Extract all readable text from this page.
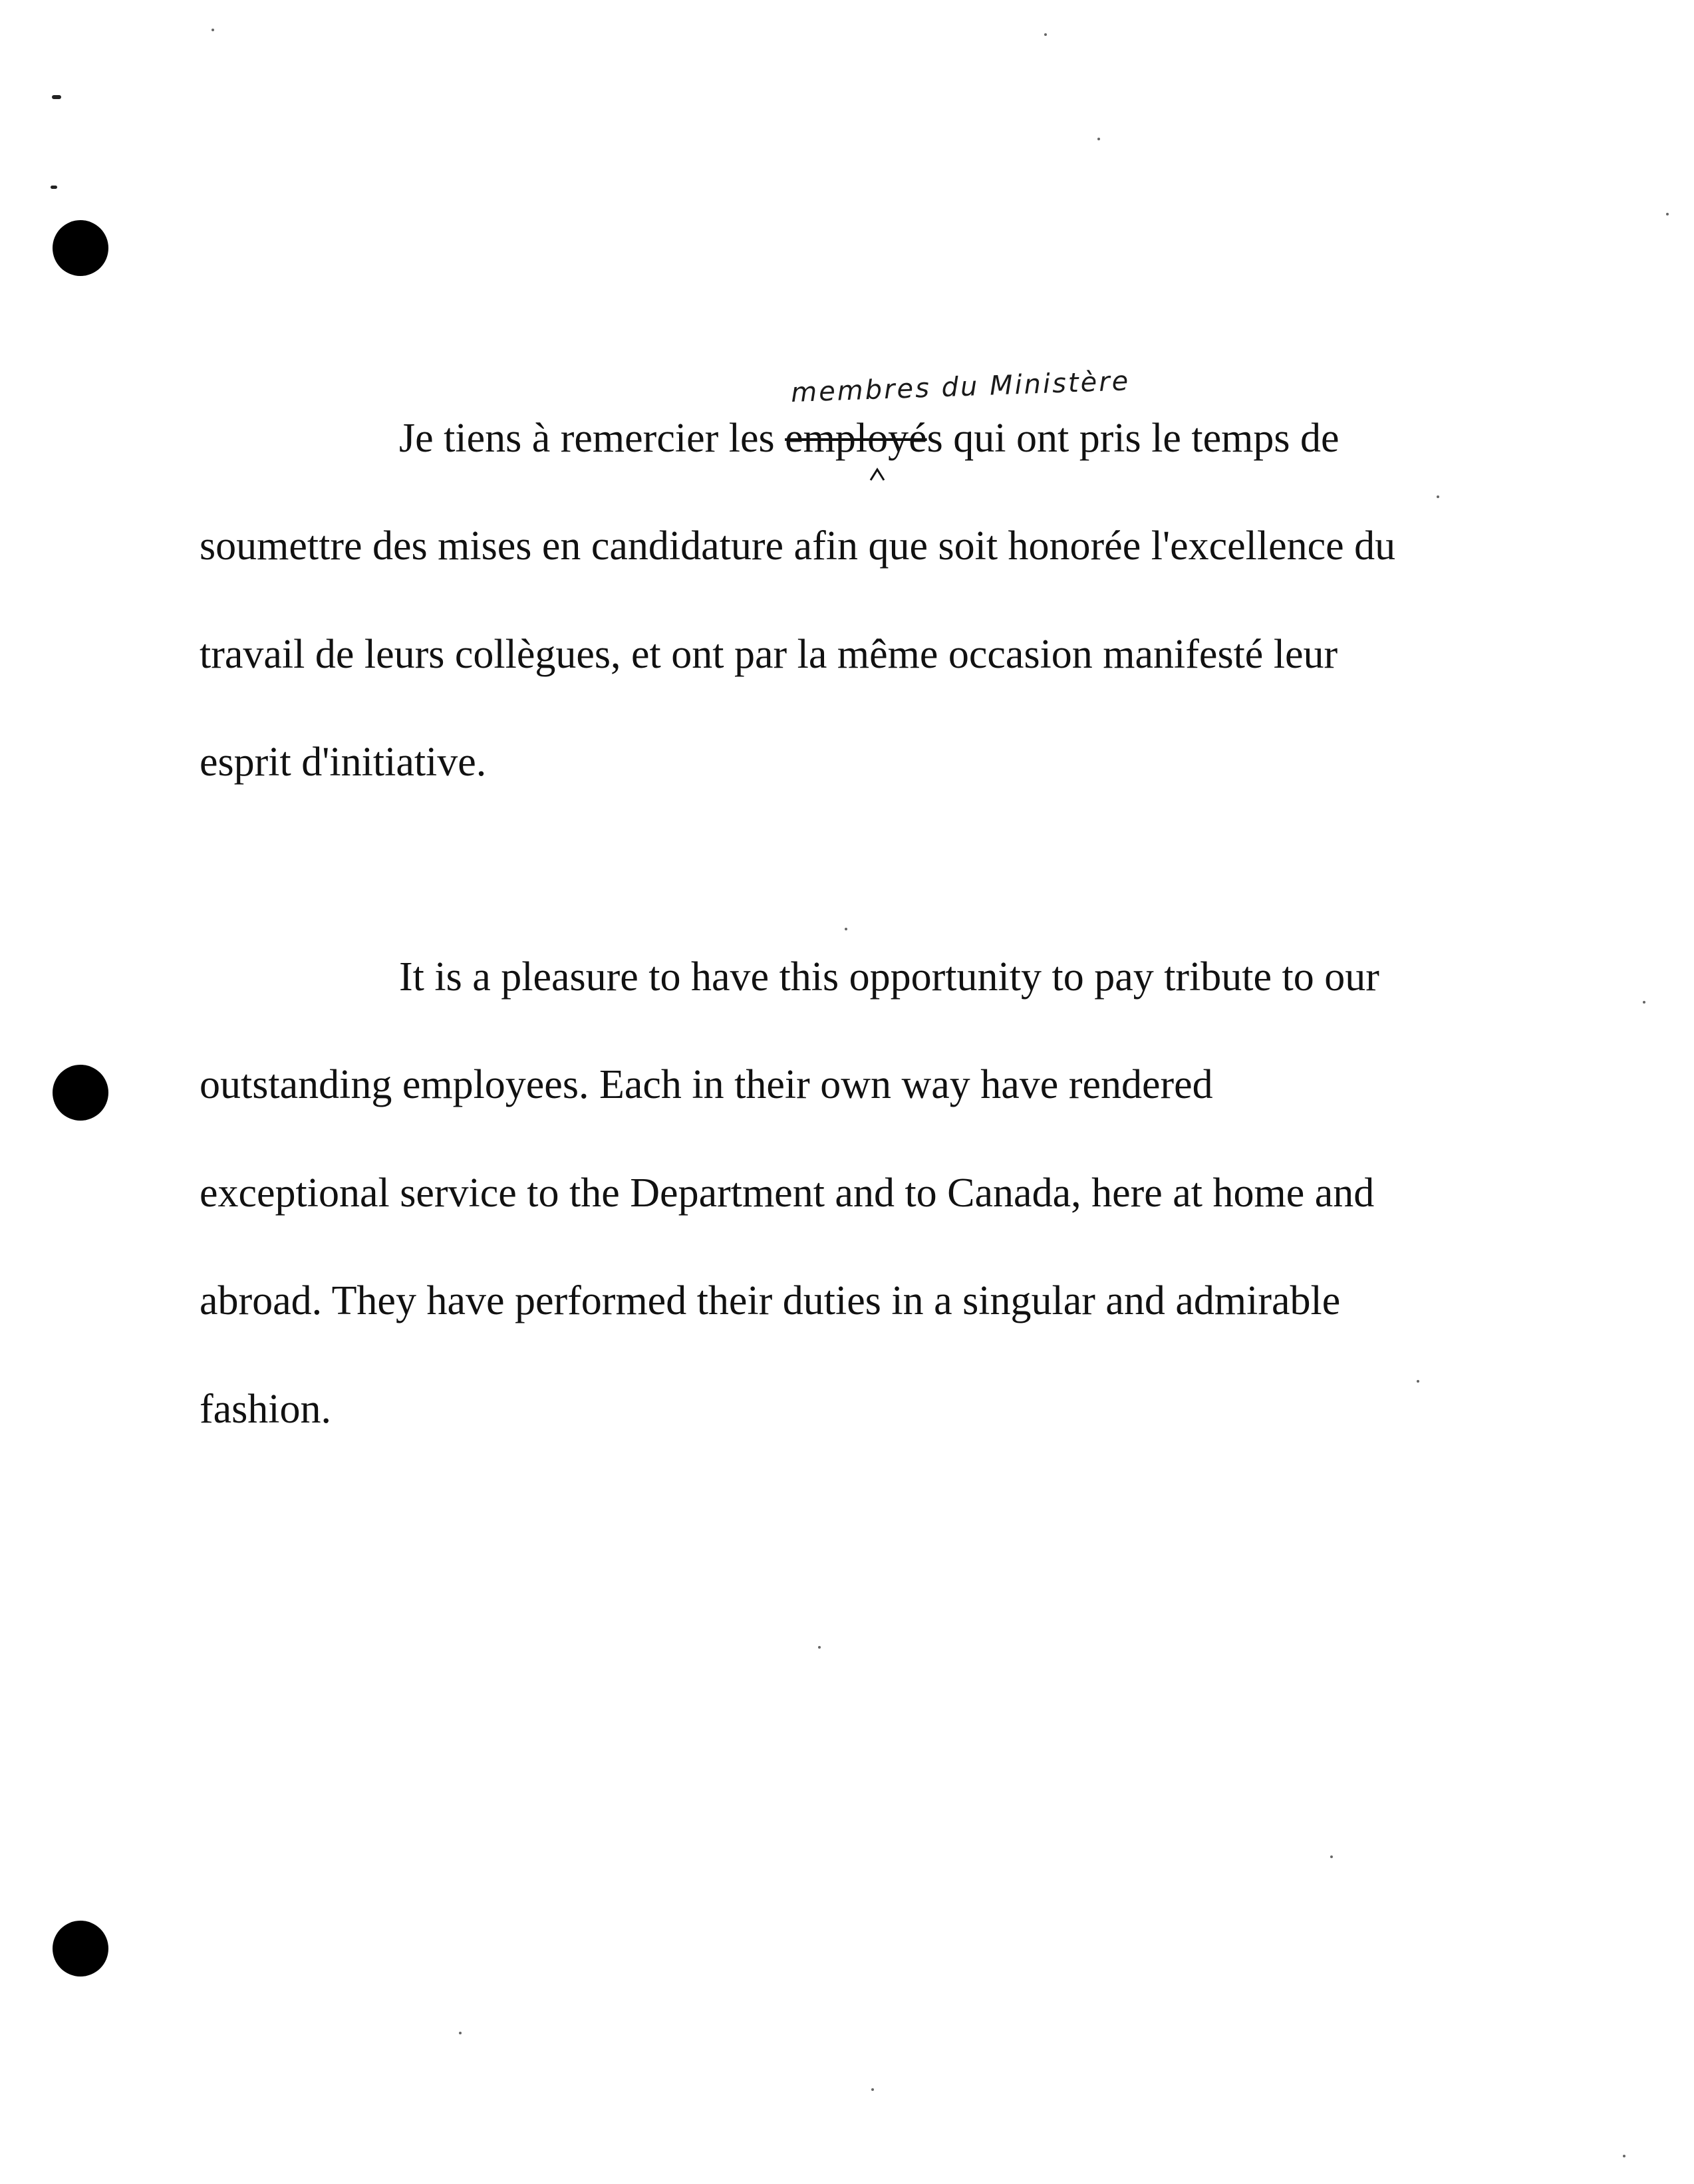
membres du Ministère
Je tiens à remercier les employés qui ont pris le temps de
soumettre des mises en candidature afin que soit honorée l'excellence du
travail de leurs collègues, et ont par la même occasion manifesté leur
esprit d'initiative.
It is a pleasure to have this opportunity to pay tribute to our
outstanding employees. Each in their own way have rendered
exceptional service to the Department and to Canada, here at home and
abroad. They have performed their duties in a singular and admirable
fashion.
